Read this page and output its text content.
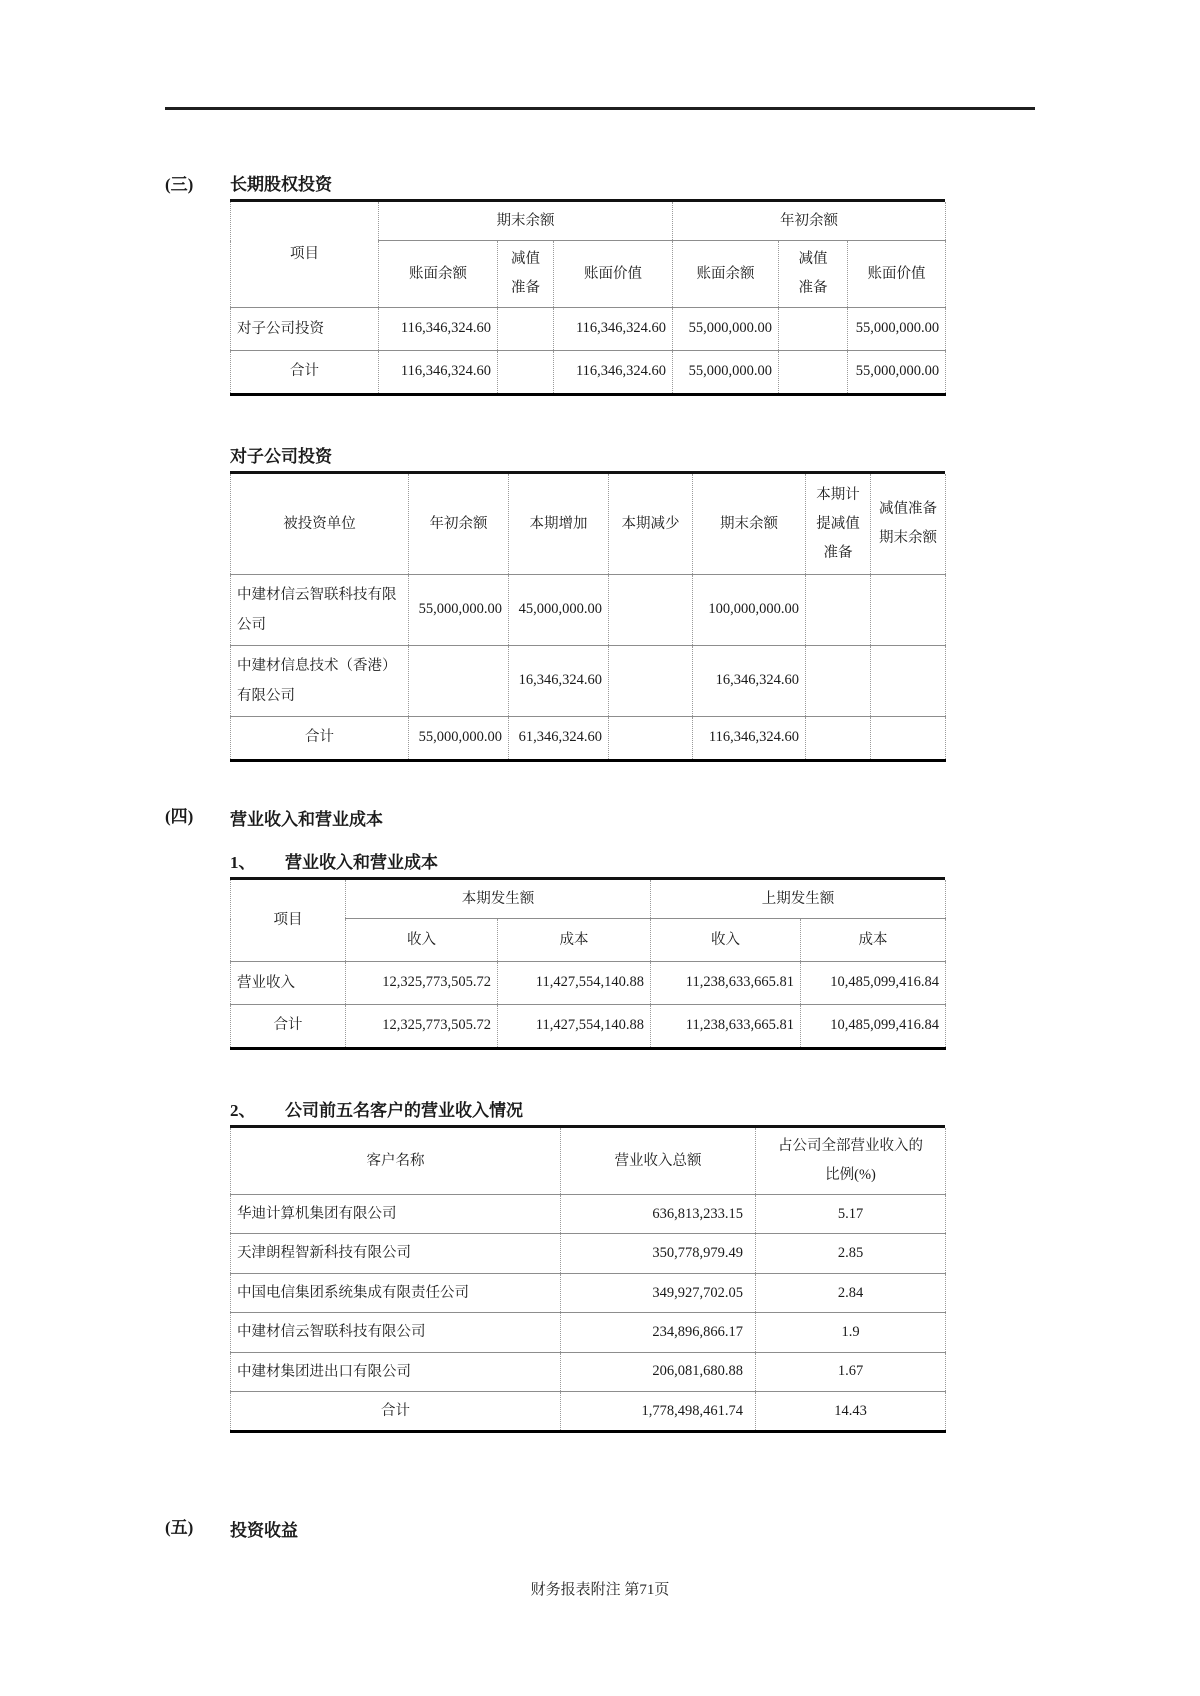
(三)	长期股权投资
项目	期末余额			年初余额		
	账面余额	减值准备	账面价值	账面余额	减值准备	账面价值
对子公司投资	116,346,324.60		116,346,324.60	55,000,000.00		55,000,000.00
合计	116,346,324.60		116,346,324.60	55,000,000.00		55,000,000.00
对子公司投资
被投资单位	年初余额	本期增加	本期减少	期末余额	本期计提减值准备	减值准备期末余额
中建材信云智联科技有限公司	55,000,000.00	45,000,000.00		100,000,000.00		
中建材信息技术（香港）有限公司		16,346,324.60		16,346,324.60		
合计	55,000,000.00	61,346,324.60		116,346,324.60		
(四)	营业收入和营业成本
1、	营业收入和营业成本
项目	本期发生额		上期发生额	
	收入	成本	收入	成本
营业收入	12,325,773,505.72	11,427,554,140.88	11,238,633,665.81	10,485,099,416.84
合计	12,325,773,505.72	11,427,554,140.88	11,238,633,665.81	10,485,099,416.84
2、	公司前五名客户的营业收入情况
客户名称	营业收入总额	占公司全部营业收入的比例(%)
华迪计算机集团有限公司	636,813,233.15	5.17
天津朗程智新科技有限公司	350,778,979.49	2.85
中国电信集团系统集成有限责任公司	349,927,702.05	2.84
中建材信云智联科技有限公司	234,896,866.17	1.9
中建材集团进出口有限公司	206,081,680.88	1.67
合计	1,778,498,461.74	14.43
(五)	投资收益
财务报表附注 第71页
